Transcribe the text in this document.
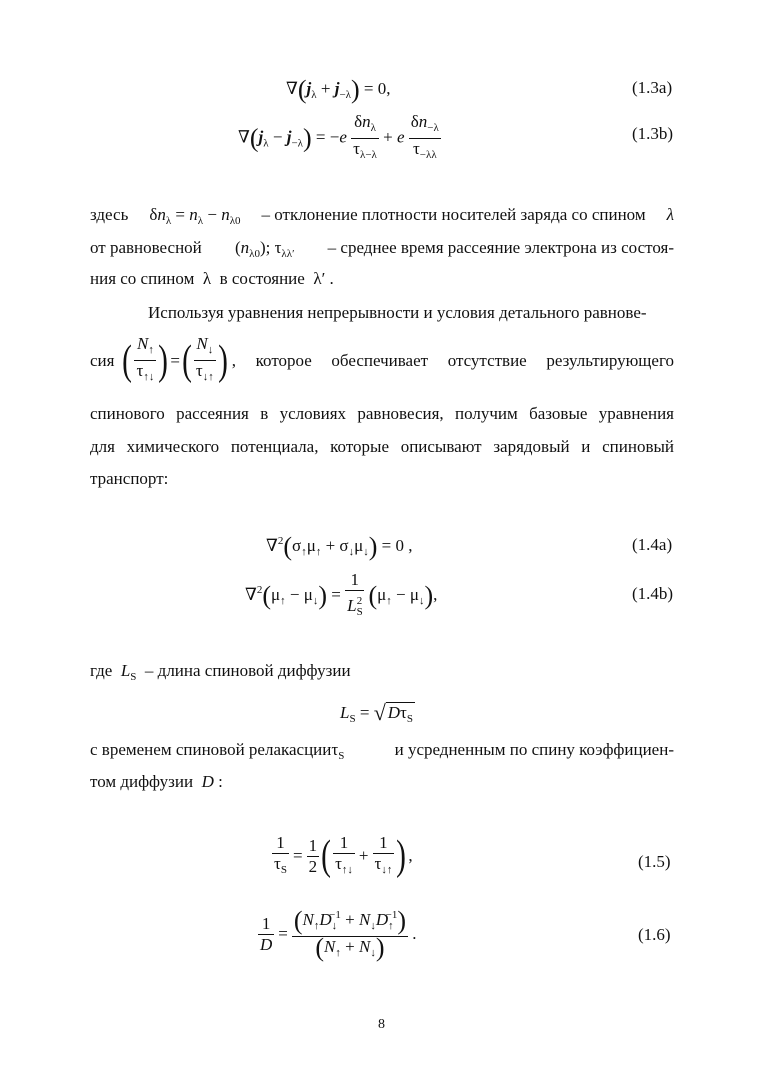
$\nabla(j_\lambda + j_{-\lambda}) = 0$,	(1.3a)
$\nabla(j_\lambda - j_{-\lambda}) = -e \frac{\delta n_\lambda}{\tau_{\lambda-\lambda}} + e \frac{\delta n_{-\lambda}}{\tau_{-\lambda\lambda}}$	(1.3b)
здесь $\delta n_\lambda = n_\lambda - n_{\lambda 0}$ – отклонение плотности носителей заряда со спином λ
от равновесной $(n_{\lambda 0})$; $\tau_{\lambda\lambda'}$ – среднее время рассеяние электрона из состоя-
ния со спином  λ  в состояние  λ′ .
Используя уравнения непрерывности и условия детального равнове-
сия ( $\frac{N_↑}{\tau_{↑↓}}$ ) = ( $\frac{N_↓}{\tau_{↓↑}}$ ) , которое обеспечивает отсутствие результирующего
спинового рассеяния в условиях равновесия, получим базовые уравнения
для химического потенциала, которые описывают зарядовый и спиновый
транспорт:
$\nabla^2(\sigma_↑\mu_↑ + \sigma_↓\mu_↓) = 0$ ,	(1.4a)
$\nabla^2(\mu_↑ - \mu_↓) = \frac{1}{L_S^2} (\mu_↑ - \mu_↓)$,	(1.4b)
где $L_S$ – длина спиновой диффузии
$L_S$ = √ $D\tau_S$
с временем спиновой релакасцииτ$_S$	и усредненным по спину коэффициен-
том диффузии  D :
$\frac{1}{\tau_S} = \frac{1}{2}$ ( $\frac{1}{\tau_{↑↓}} + \frac{1}{\tau_{↓↑}}$ ) ,	(1.5)
$\frac{1}{D} = \frac{(N_↑D_↓^{-1} + N_↓D_↑^{-1})}{(N_↑ + N_↓)}$ .	(1.6)
8
